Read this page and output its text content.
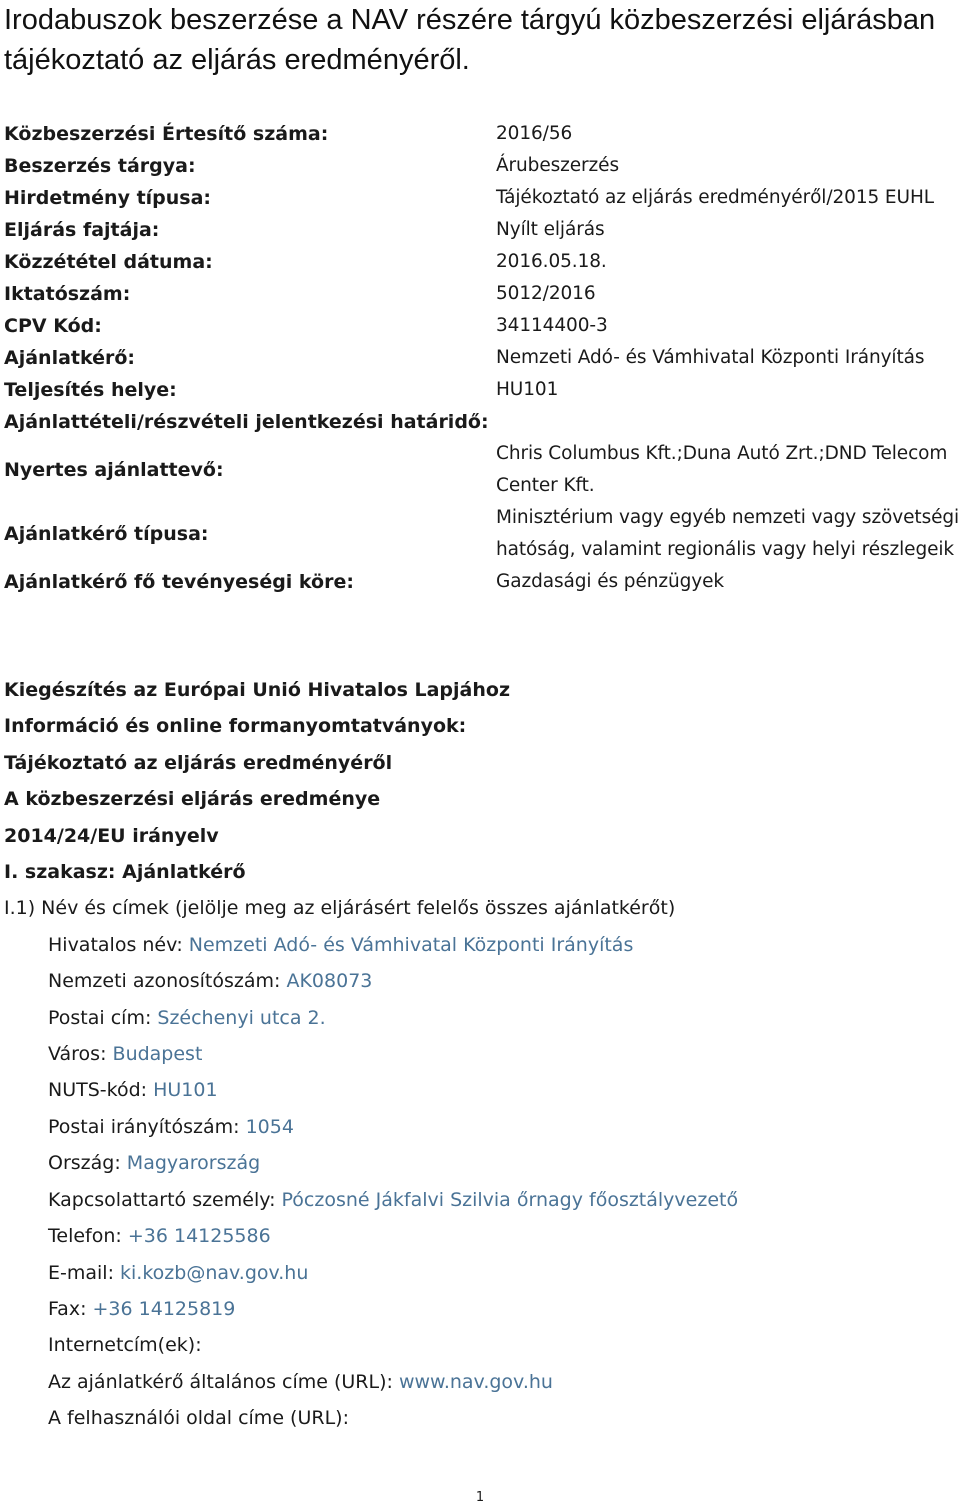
Irodabuszok beszerzése a NAV részére tárgyú közbeszerzési eljárásban tájékoztató az eljárás eredményéről.
Közbeszerzési Értesítő száma:	2016/56
Beszerzés tárgya:	Árubeszerzés
Hirdetmény típusa:	Tájékoztató az eljárás eredményéről/2015 EUHL
Eljárás fajtája:	Nyílt eljárás
Közzététel dátuma:	2016.05.18.
Iktatószám:	5012/2016
CPV Kód:	34114400-3
Ajánlatkérő:	Nemzeti Adó- és Vámhivatal Központi Irányítás
Teljesítés helye:	HU101
Ajánlattételi/részvételi jelentkezési határidő:	
Nyertes ajánlattevő:	Chris Columbus Kft.;Duna Autó Zrt.;DND Telecom Center Kft.
Ajánlatkérő típusa:	Minisztérium vagy egyéb nemzeti vagy szövetségi hatóság, valamint regionális vagy helyi részlegeik
Ajánlatkérő fő tevényeségi köre:	Gazdasági és pénzügyek
Kiegészítés az Európai Unió Hivatalos Lapjához
Információ és online formanyomtatványok:
Tájékoztató az eljárás eredményéről
A közbeszerzési eljárás eredménye
2014/24/EU irányelv
I. szakasz: Ajánlatkérő
I.1) Név és címek (jelölje meg az eljárásért felelős összes ajánlatkérőt)
Hivatalos név: Nemzeti Adó- és Vámhivatal Központi Irányítás
Nemzeti azonosítószám: AK08073
Postai cím: Széchenyi utca 2.
Város: Budapest
NUTS-kód: HU101
Postai irányítószám: 1054
Ország: Magyarország
Kapcsolattartó személy: Póczosné Jákfalvi Szilvia őrnagy főosztályvezető
Telefon: +36 14125586
E-mail: ki.kozb@nav.gov.hu
Fax: +36 14125819
Internetcím(ek):
Az ajánlatkérő általános címe (URL): www.nav.gov.hu
A felhasználói oldal címe (URL):
1
